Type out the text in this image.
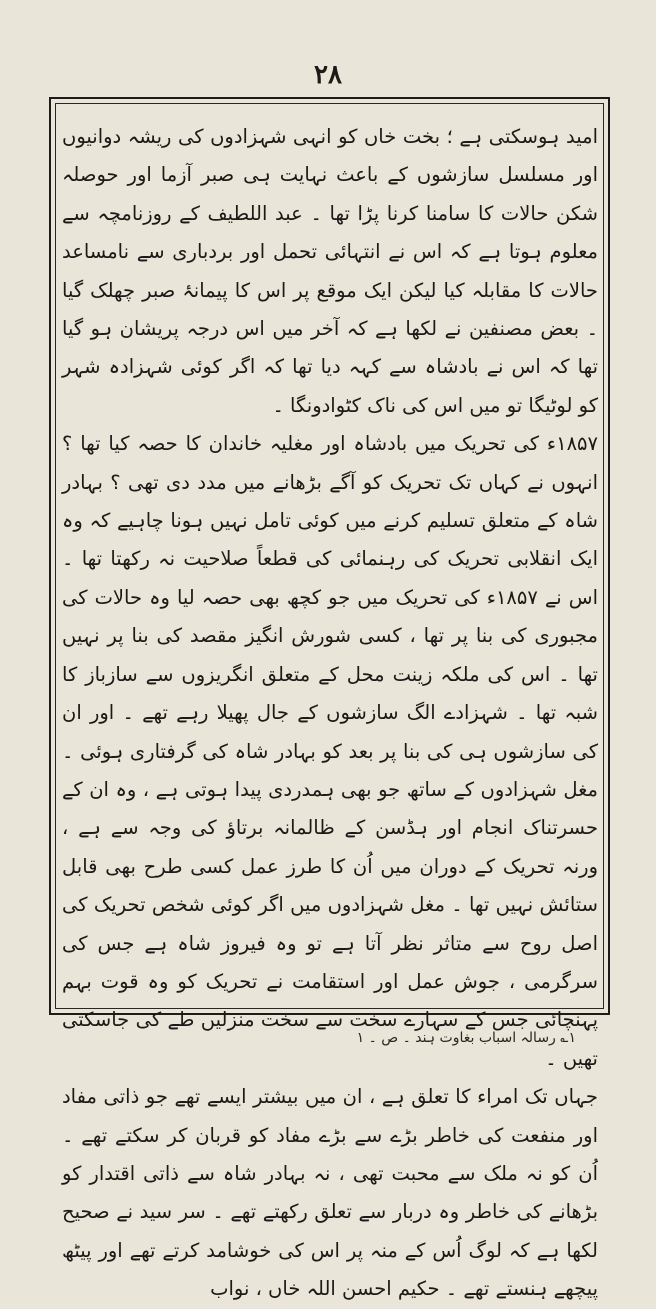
۲۸

امید ہوسکتی ہے ؛ بخت خاں کو انہی شہزادوں کی ریشہ دوانیوں اور مسلسل سازشوں کے باعث نہایت ہی صبر آزما اور حوصلہ شکن حالات کا سامنا کرنا پڑا تھا ۔ عبد اللطیف کے روزنامچہ سے معلوم ہوتا ہے کہ اس نے انتہائی تحمل اور بردباری سے نامساعد حالات کا مقابلہ کیا لیکن ایک موقع پر اس کا پیمانۂ صبر چھلک گیا ۔ بعض مصنفین نے لکھا ہے کہ آخر میں اس درجہ پریشان ہو گیا تھا کہ اس نے بادشاہ سے کہہ دیا تھا کہ اگر کوئی شہزادہ شہر کو لوٹیگا تو میں اس کی ناک کٹوادونگا ۔

۱۸۵۷ء کی تحریک میں بادشاہ اور مغلیہ خاندان کا حصہ کیا تھا ؟ انہوں نے کہاں تک تحریک کو آگے بڑھانے میں مدد دی تھی ؟ بہادر شاہ کے متعلق تسلیم کرنے میں کوئی تامل نہیں ہونا چاہیے کہ وہ ایک انقلابی تحریک کی رہنمائی کی قطعاً صلاحیت نہ رکھتا تھا ۔ اس نے ۱۸۵۷ء کی تحریک میں جو کچھ بھی حصہ لیا وہ حالات کی مجبوری کی بنا پر تھا ، کسی شورش انگیز مقصد کی بنا پر نہیں تھا ۔ اس کی ملکہ زینت محل کے متعلق انگریزوں سے سازباز کا شبہ تھا ۔ شہزادے الگ سازشوں کے جال پھیلا رہے تھے ۔ اور ان کی سازشوں ہی کی بنا پر بعد کو بہادر شاہ کی گرفتاری ہوئی ۔ مغل شہزادوں کے ساتھ جو بھی ہمدردی پیدا ہوتی ہے ، وہ ان کے حسرتناک انجام اور ہڈسن کے ظالمانہ برتاؤ کی وجہ سے ہے ، ورنہ تحریک کے دوران میں اُن کا طرز عمل کسی طرح بھی قابل ستائش نہیں تھا ۔ مغل شہزادوں میں اگر کوئی شخص تحریک کی اصل روح سے متاثر نظر آتا ہے تو وہ فیروز شاہ ہے جس کی سرگرمی ، جوش عمل اور استقامت نے تحریک کو وہ قوت بہم پہنچائی جس کے سہارے سخت سے سخت منزلیں طے کی جاسکتی تھیں ۔

جہاں تک امراء کا تعلق ہے ، ان میں بیشتر ایسے تھے جو ذاتی مفاد اور منفعت کی خاطر بڑے سے بڑے مفاد کو قربان کر سکتے تھے ۔ اُن کو نہ ملک سے محبت تھی ، نہ بہادر شاہ سے ذاتی اقتدار کو بڑھانے کی خاطر وہ دربار سے تعلق رکھتے تھے ۔ سر سید نے صحیح لکھا ہے کہ لوگ اُس کے منہ پر اس کی خوشامد کرتے تھے اور پیٹھ پیچھے ہنستے تھے ۔ حکیم احسن اللہ خاں ، نواب

۱؎ رسالہ اسباب بغاوت ہند ۔ ص ۔ ۱
